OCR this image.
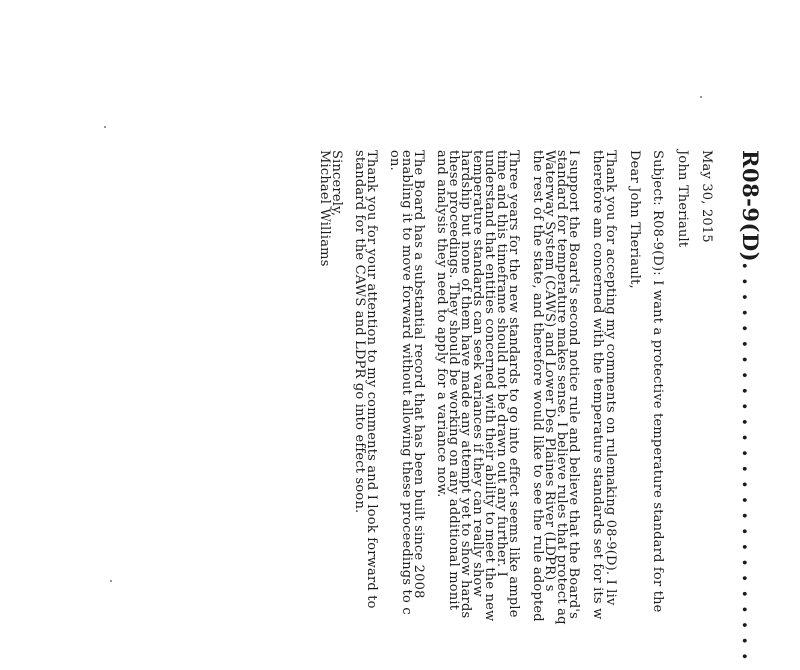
R08-9(D). . . . . . . . . . . . . . . . . . . . . . . . . .
May 30, 2015
John Theriault
Subject: R08-9(D): I want a protective temperature standard for the
Dear John Theriault,
Thank you for accepting my comments on rulemaking 08-9(D). I liv
therefore am concerned with the temperature standards set for its w
I support the Board's second notice rule and believe that the Board's
standard for temperature makes sense. I believe rules that protect aq
Waterway System (CAWS) and Lower Des Plaines River (LDPR) s
the rest of the state, and therefore would like to see the rule adopted
Three years for the new standards to go into effect seems like ample
time and this timeframe should not be drawn out any further. I
understand that entities concerned with their ability to meet the new
temperature standards can seek variances if they can really show
hardship but none of them have made any attempt yet to show hards
these proceedings. They should be working on any additional monit
and analysis they need to apply for a variance now.
The Board has a substantial record that has been built since 2008
enabling it to move forward without allowing these proceedings to c
on.
Thank you for your attention to my comments and I look forward to
standard for the CAWS and LDPR go into effect soon.
Sincerely,
Michael Williams
